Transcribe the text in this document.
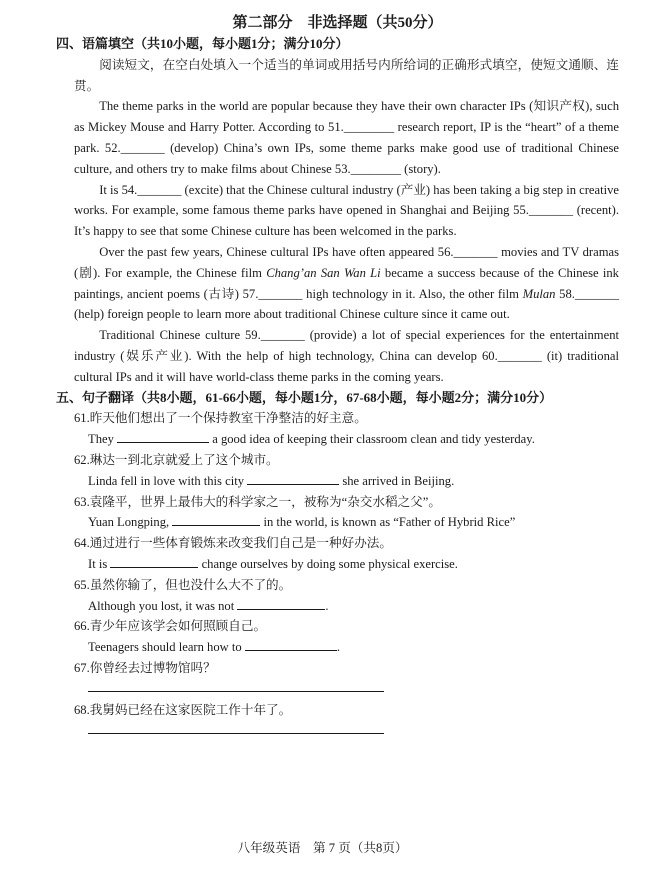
第二部分　非选择题（共50分）
四、语篇填空（共10小题，每小题1分；满分10分）
阅读短文，在空白处填入一个适当的单词或用括号内所给词的正确形式填空，使短文通顺、连贯。
The theme parks in the world are popular because they have their own character IPs (知识产权), such as Mickey Mouse and Harry Potter. According to 51.________ research report, IP is the “heart” of a theme park. 52._______ (develop) China’s own IPs, some theme parks make good use of traditional Chinese culture, and others try to make films about Chinese 53.________ (story).
It is 54._______ (excite) that the Chinese cultural industry (产业) has been taking a big step in creative works. For example, some famous theme parks have opened in Shanghai and Beijing 55._______ (recent). It’s happy to see that some Chinese culture has been welcomed in the parks.
Over the past few years, Chinese cultural IPs have often appeared 56._______ movies and TV dramas (剧). For example, the Chinese film Chang’an San Wan Li became a success because of the Chinese ink paintings, ancient poems (古诗) 57._______ high technology in it. Also, the other film Mulan 58._______ (help) foreign people to learn more about traditional Chinese culture since it came out.
Traditional Chinese culture 59._______ (provide) a lot of special experiences for the entertainment industry (娱乐产业). With the help of high technology, China can develop 60._______ (it) traditional cultural IPs and it will have world-class theme parks in the coming years.
五、句子翻译（共8小题，61-66小题，每小题1分，67-68小题，每小题2分；满分10分）
61.昨天他们想出了一个保持教室干净整洁的好主意。
They	a good idea of keeping their classroom clean and tidy yesterday.
62.琳达一到北京就爱上了这个城市。
Linda fell in love with this city	she arrived in Beijing.
63.袁隆平，世界上最伟大的科学家之一，被称为“杂交水稻之父”。
Yuan Longping,	in the world, is known as “Father of Hybrid Rice”
64.通过进行一些体育锻炼来改变我们自己是一种好办法。
It is	change ourselves by doing some physical exercise.
65.虽然你输了，但也没什么大不了的。
Although you lost, it was not	.
66.青少年应该学会如何照顾自己。
Teenagers should learn how to	.
67.你曾经去过博物馆吗？
68.我舅妈已经在这家医院工作十年了。
八年级英语　第 7 页（共8页）
